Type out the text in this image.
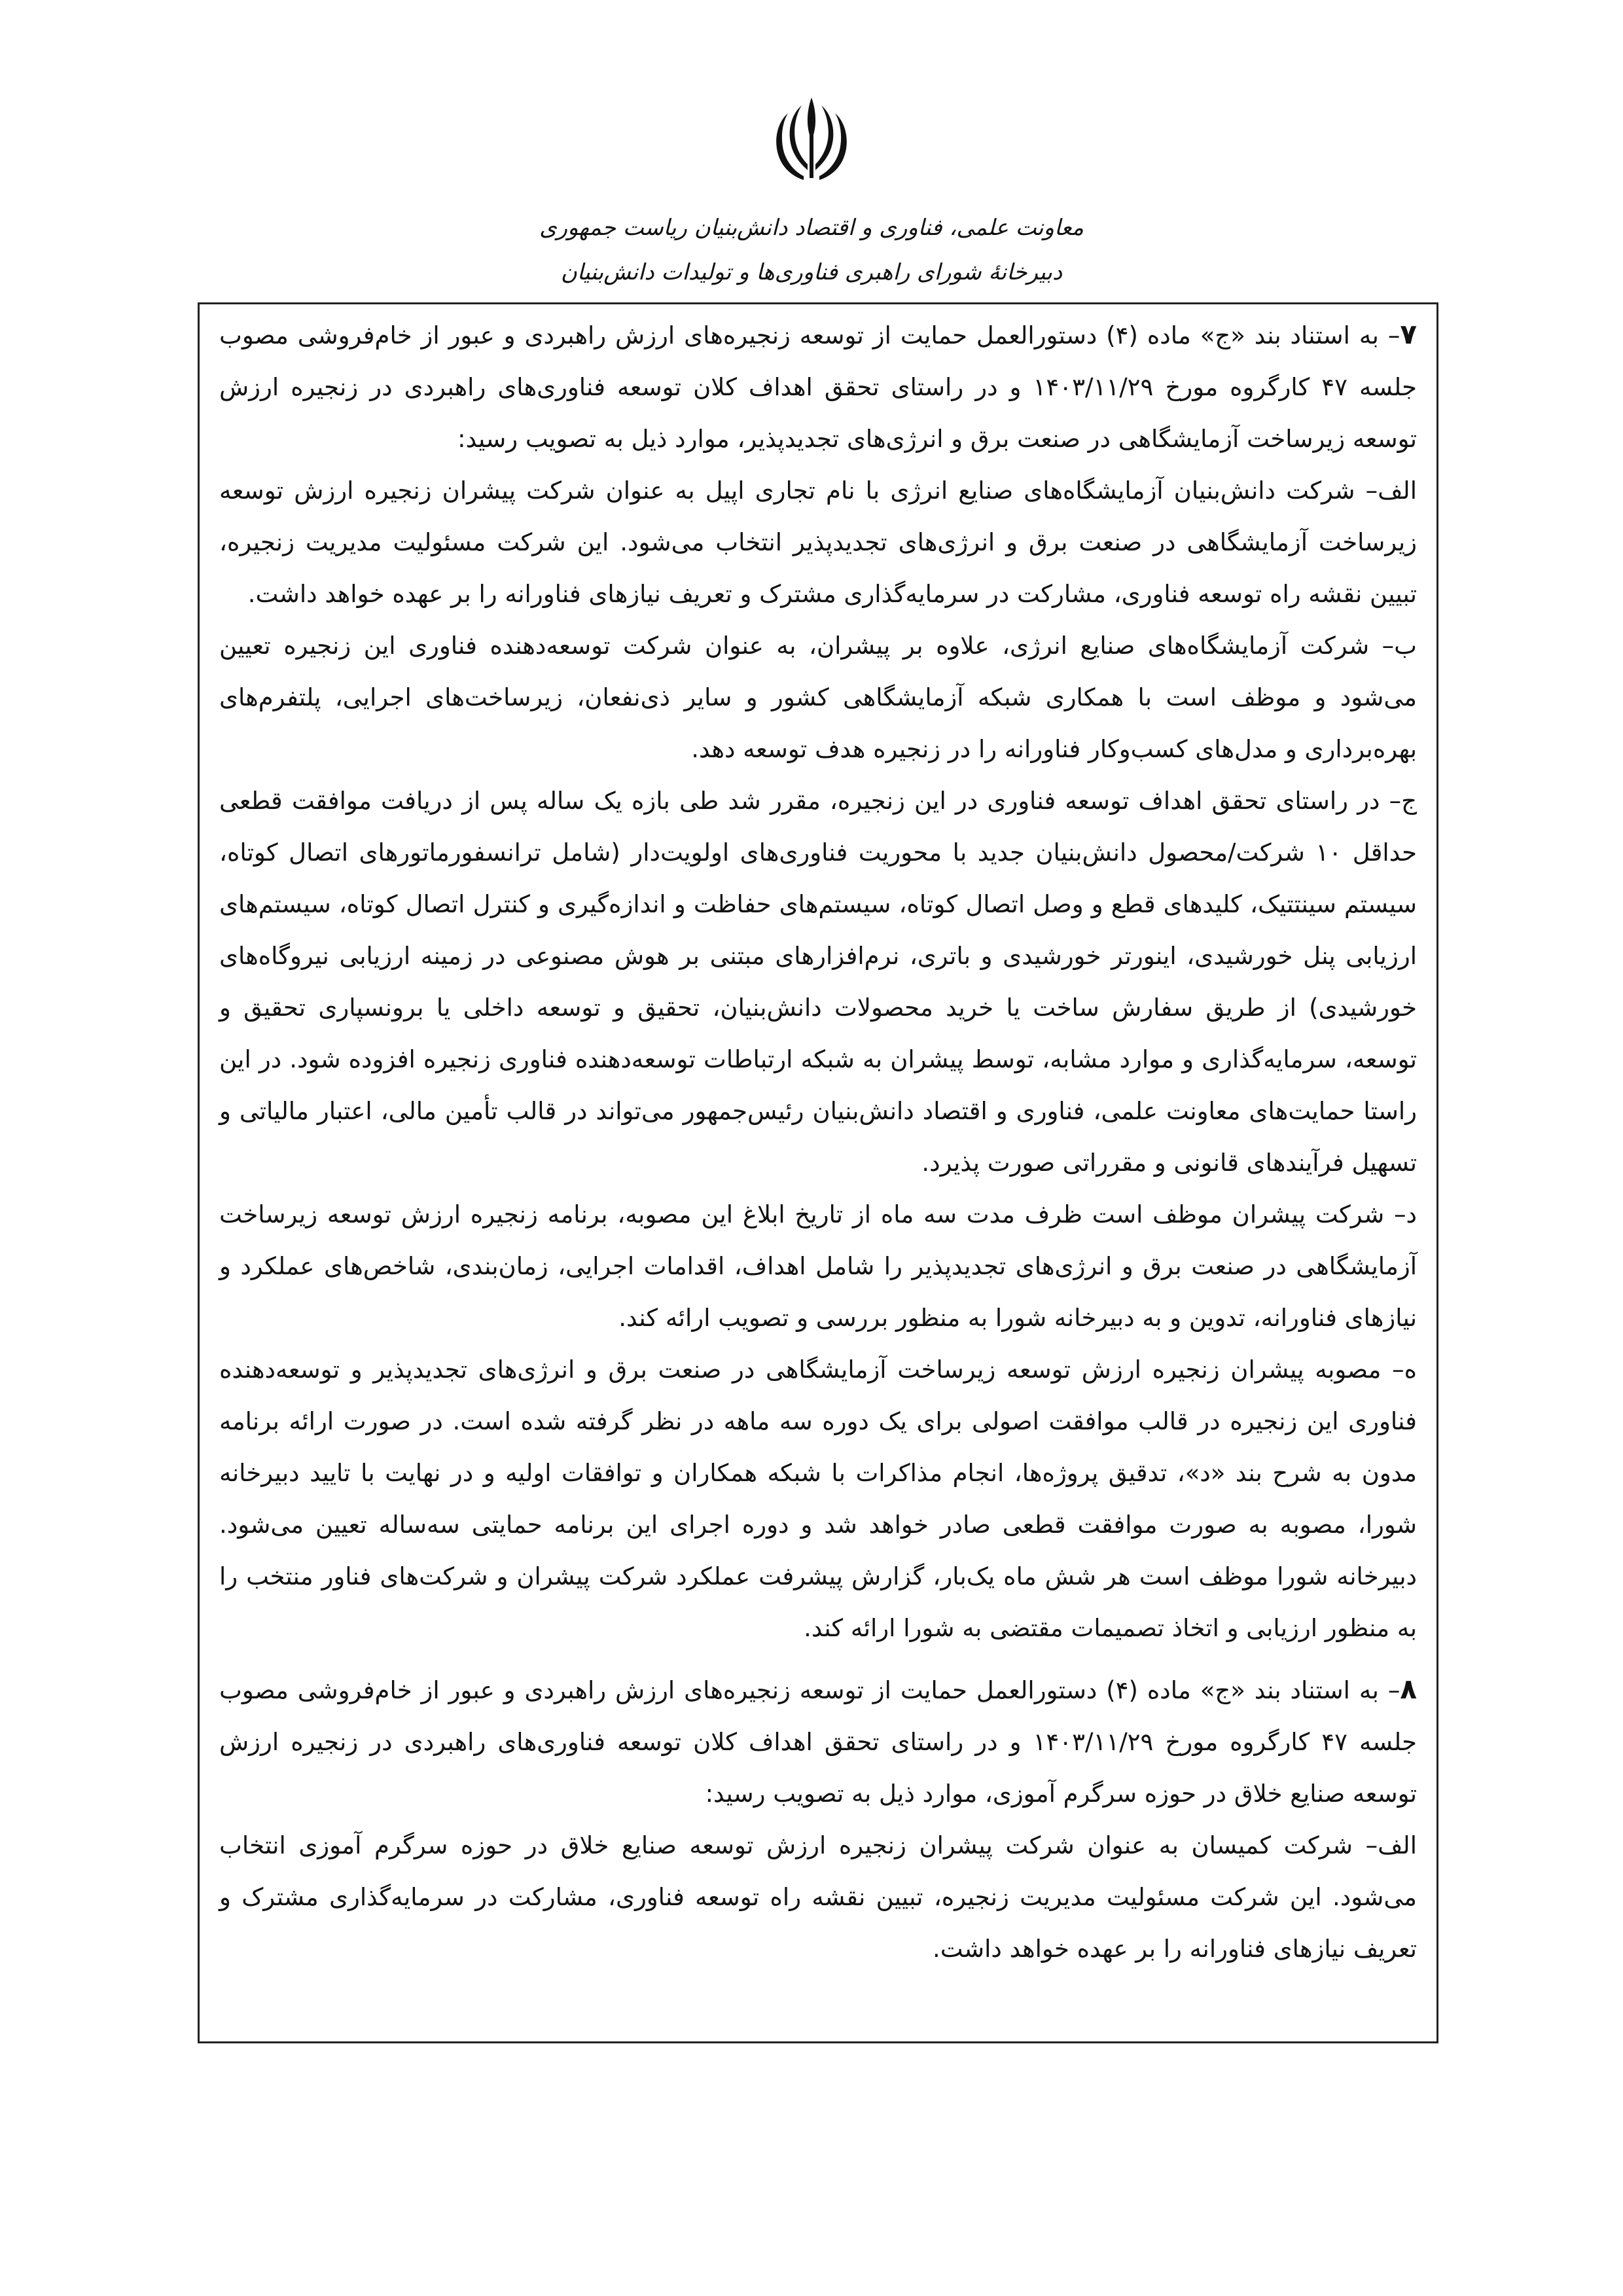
معاونت علمی، فناوری و اقتصاد دانش‌بنیان ریاست جمهوری
دبیرخانهٔ شورای راهبری فناوری‌ها و تولیدات دانش‌بنیان

۷– به استناد بند «ج» ماده (۴) دستورالعمل حمایت از توسعه زنجیره‌های ارزش راهبردی و عبور از خام‌فروشی مصوب جلسه ۴۷ کارگروه مورخ ۱۴۰۳/۱۱/۲۹ و در راستای تحقق اهداف کلان توسعه فناوری‌های راهبردی در زنجیره ارزش توسعه زیرساخت آزمایشگاهی در صنعت برق و انرژی‌های تجدیدپذیر، موارد ذیل به تصویب رسید:

الف– شرکت دانش‌بنیان آزمایشگاه‌های صنایع انرژی با نام تجاری اپیل به عنوان شرکت پیشران زنجیره ارزش توسعه زیرساخت آزمایشگاهی در صنعت برق و انرژی‌های تجدیدپذیر انتخاب می‌شود. این شرکت مسئولیت مدیریت زنجیره، تبیین نقشه راه توسعه فناوری، مشارکت در سرمایه‌گذاری مشترک و تعریف نیازهای فناورانه را بر عهده خواهد داشت.

ب– شرکت آزمایشگاه‌های صنایع انرژی، علاوه بر پیشران، به عنوان شرکت توسعه‌دهنده فناوری این زنجیره تعیین می‌شود و موظف است با همکاری شبکه آزمایشگاهی کشور و سایر ذی‌نفعان، زیرساخت‌های اجرایی، پلتفرم‌های بهره‌برداری و مدل‌های کسب‌وکار فناورانه را در زنجیره هدف توسعه دهد.

ج– در راستای تحقق اهداف توسعه فناوری در این زنجیره، مقرر شد طی بازه یک ساله پس از دریافت موافقت قطعی حداقل ۱۰ شرکت/محصول دانش‌بنیان جدید با محوریت فناوری‌های اولویت‌دار (شامل ترانسفورماتورهای اتصال کوتاه، سیستم سینتتیک، کلیدهای قطع و وصل اتصال کوتاه، سیستم‌های حفاظت و اندازه‌گیری و کنترل اتصال کوتاه، سیستم‌های ارزیابی پنل خورشیدی، اینورتر خورشیدی و باتری، نرم‌افزارهای مبتنی بر هوش مصنوعی در زمینه ارزیابی نیروگاه‌های خورشیدی) از طریق سفارش ساخت یا خرید محصولات دانش‌بنیان، تحقیق و توسعه داخلی یا برونسپاری تحقیق و توسعه، سرمایه‌گذاری و موارد مشابه، توسط پیشران به شبکه ارتباطات توسعه‌دهنده فناوری زنجیره افزوده شود. در این راستا حمایت‌های معاونت علمی، فناوری و اقتصاد دانش‌بنیان رئیس‌جمهور می‌تواند در قالب تأمین مالی، اعتبار مالیاتی و تسهیل فرآیندهای قانونی و مقرراتی صورت پذیرد.

د– شرکت پیشران موظف است ظرف مدت سه ماه از تاریخ ابلاغ این مصوبه، برنامه زنجیره ارزش توسعه زیرساخت آزمایشگاهی در صنعت برق و انرژی‌های تجدیدپذیر را شامل اهداف، اقدامات اجرایی، زمان‌بندی، شاخص‌های عملکرد و نیازهای فناورانه، تدوین و به دبیرخانه شورا به منظور بررسی و تصویب ارائه کند.

ه– مصوبه پیشران زنجیره ارزش توسعه زیرساخت آزمایشگاهی در صنعت برق و انرژی‌های تجدیدپذیر و توسعه‌دهنده فناوری این زنجیره در قالب موافقت اصولی برای یک دوره سه ماهه در نظر گرفته شده است. در صورت ارائه برنامه مدون به شرح بند «د»، تدقیق پروژه‌ها، انجام مذاکرات با شبکه همکاران و توافقات اولیه و در نهایت با تایید دبیرخانه شورا، مصوبه به صورت موافقت قطعی صادر خواهد شد و دوره اجرای این برنامه حمایتی سه‌ساله تعیین می‌شود. دبیرخانه شورا موظف است هر شش ماه یک‌بار، گزارش پیشرفت عملکرد شرکت پیشران و شرکت‌های فناور منتخب را به منظور ارزیابی و اتخاذ تصمیمات مقتضی به شورا ارائه کند.

۸– به استناد بند «ج» ماده (۴) دستورالعمل حمایت از توسعه زنجیره‌های ارزش راهبردی و عبور از خام‌فروشی مصوب جلسه ۴۷ کارگروه مورخ ۱۴۰۳/۱۱/۲۹ و در راستای تحقق اهداف کلان توسعه فناوری‌های راهبردی در زنجیره ارزش توسعه صنایع خلاق در حوزه سرگرم آموزی، موارد ذیل به تصویب رسید:

الف– شرکت کمیسان به عنوان شرکت پیشران زنجیره ارزش توسعه صنایع خلاق در حوزه سرگرم آموزی انتخاب می‌شود. این شرکت مسئولیت مدیریت زنجیره، تبیین نقشه راه توسعه فناوری، مشارکت در سرمایه‌گذاری مشترک و تعریف نیازهای فناورانه را بر عهده خواهد داشت.
